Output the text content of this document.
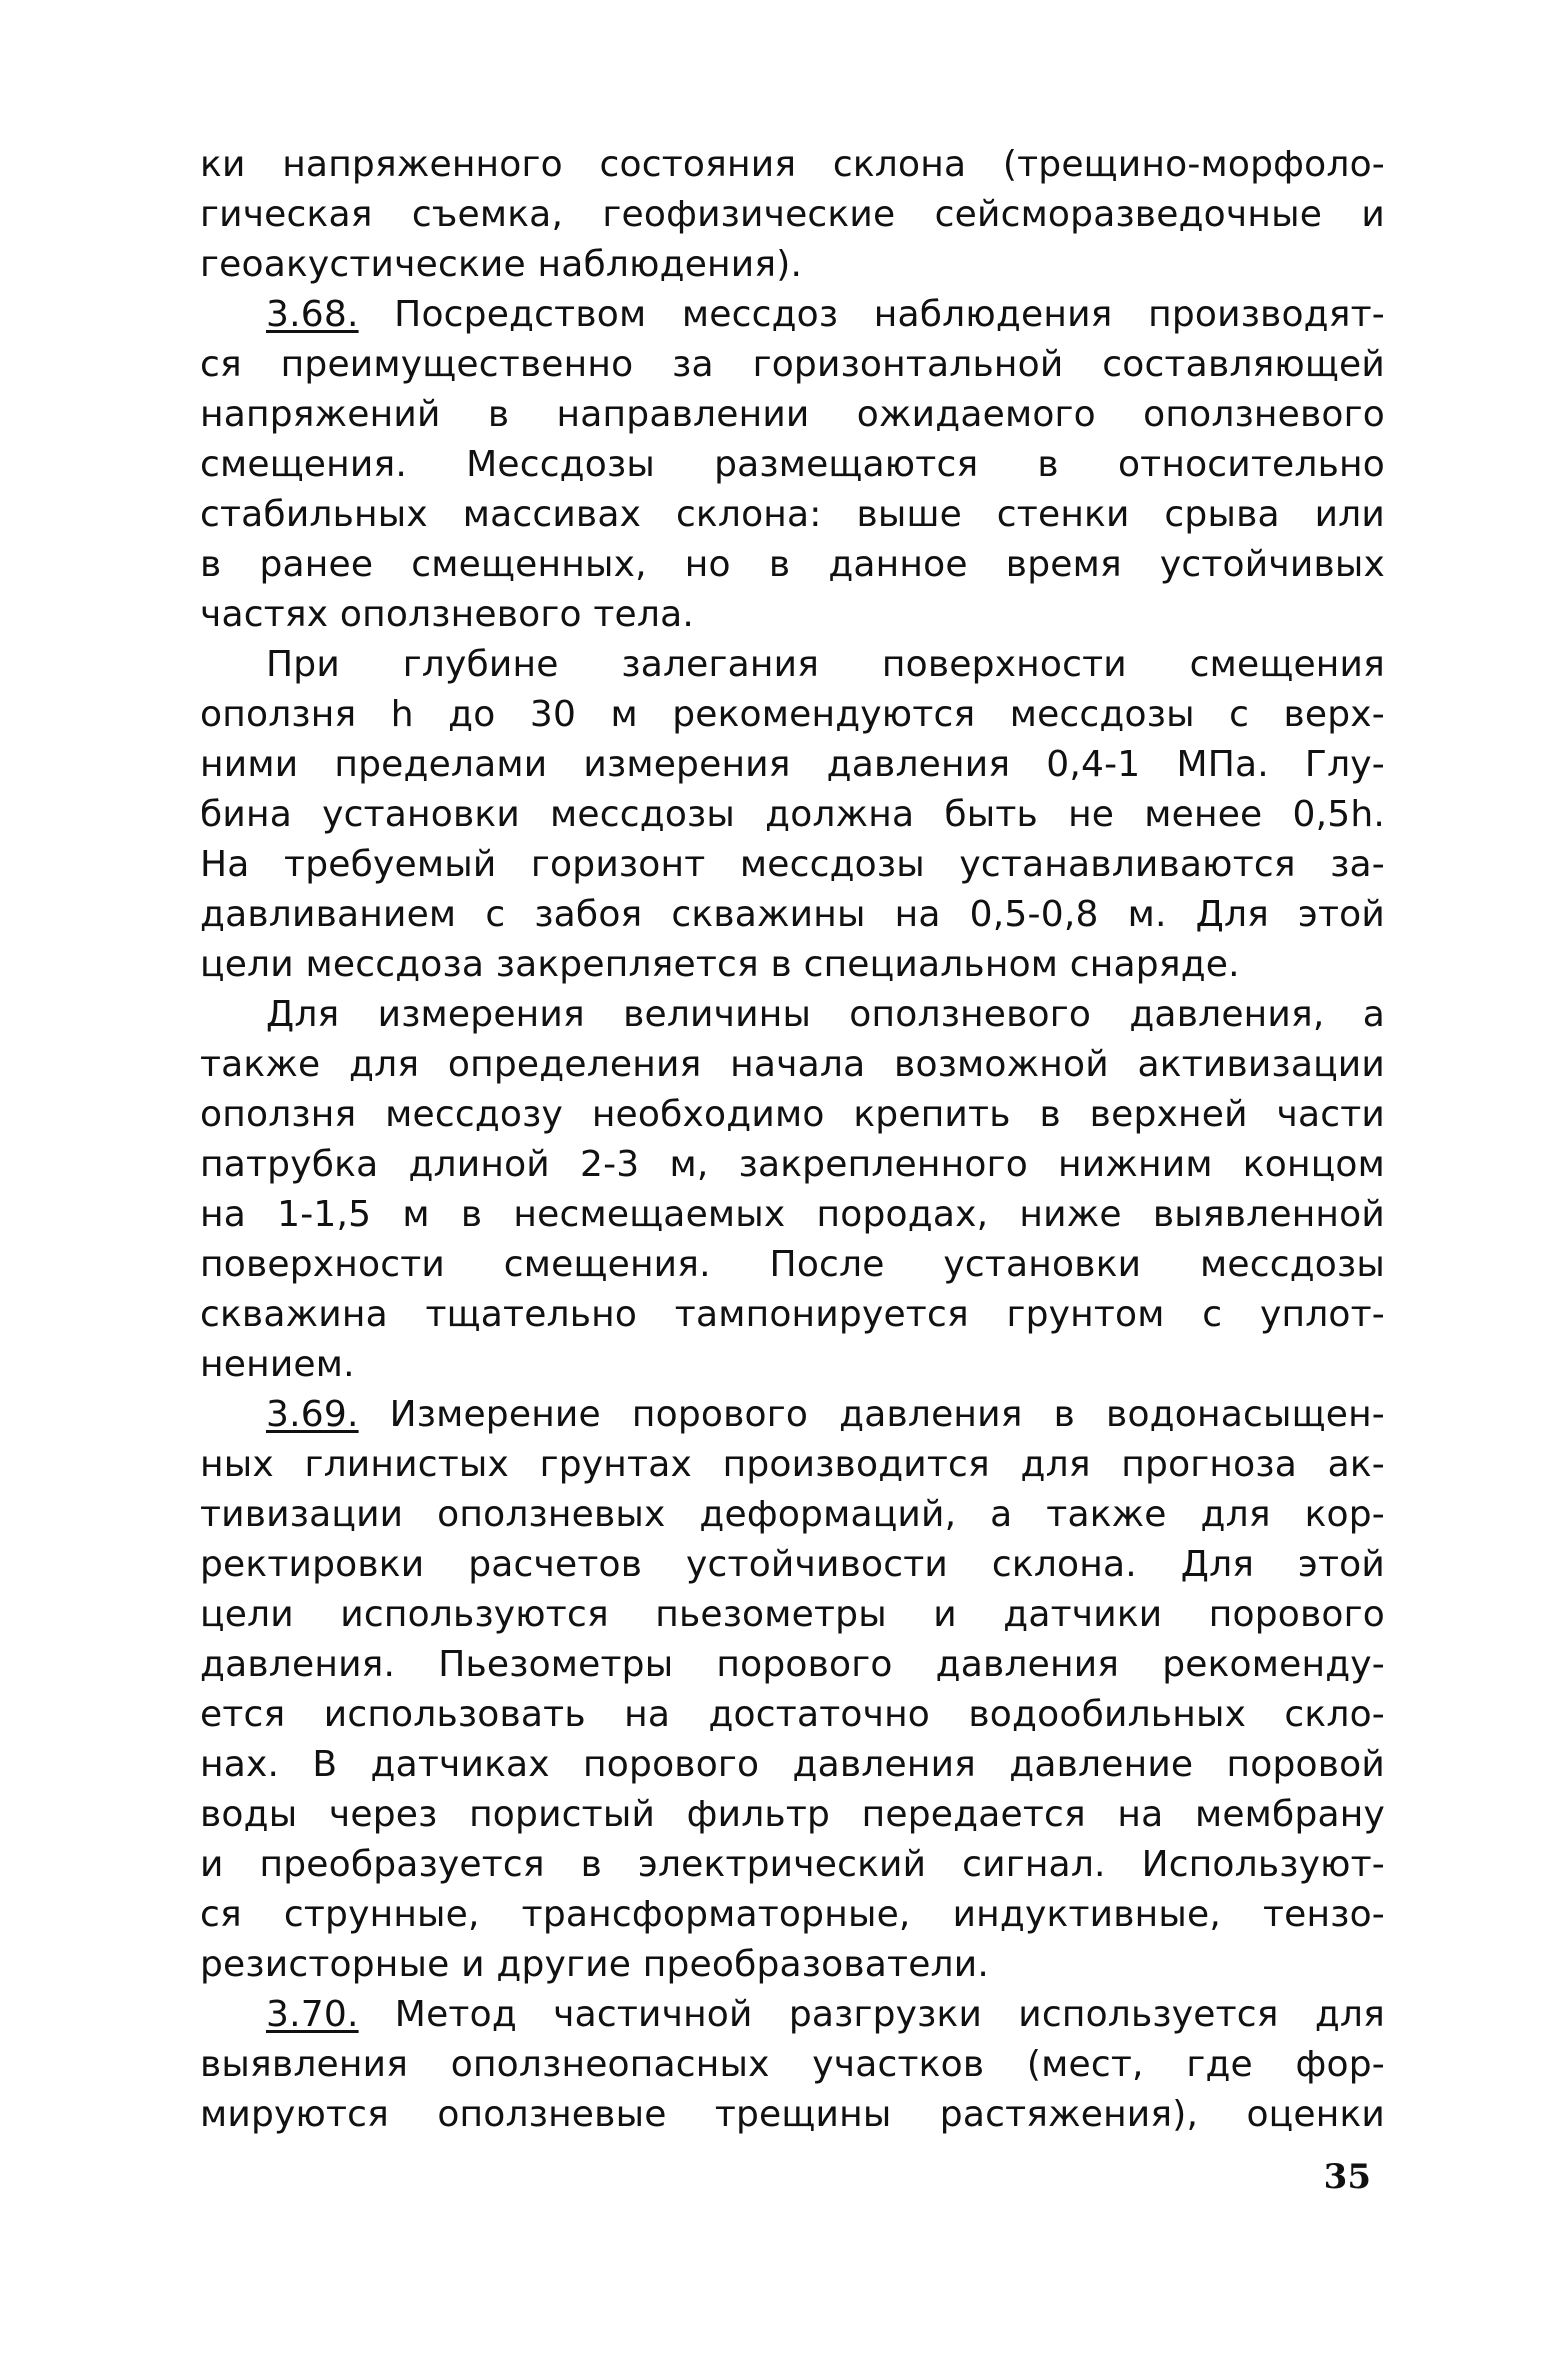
ки напряженного состояния склона (трещино-морфоло-
гическая съемка, геофизические сейсморазведочные и
геоакустические наблюдения).
3.68. Посредством мессдоз наблюдения производят-
ся преимущественно за горизонтальной составляющей
напряжений в направлении ожидаемого оползневого
смещения. Мессдозы размещаются в относительно
стабильных массивах склона: выше стенки срыва или
в ранее смещенных, но в данное время устойчивых
частях оползневого тела.
При глубине залегания поверхности смещения
оползня h до 30 м рекомендуются мессдозы с верх-
ними пределами измерения давления 0,4-1 МПа. Глу-
бина установки мессдозы должна быть не менее 0,5h.
На требуемый горизонт мессдозы устанавливаются за-
давливанием с забоя скважины на 0,5-0,8 м. Для этой
цели мессдоза закрепляется в специальном снаряде.
Для измерения величины оползневого давления, а
также для определения начала возможной активизации
оползня мессдозу необходимо крепить в верхней части
патрубка длиной 2-3 м, закрепленного нижним концом
на 1-1,5 м в несмещаемых породах, ниже выявленной
поверхности смещения. После установки мессдозы
скважина тщательно тампонируется грунтом с уплот-
нением.
3.69. Измерение порового давления в водонасыщен-
ных глинистых грунтах производится для прогноза ак-
тивизации оползневых деформаций, а также для кор-
ректировки расчетов устойчивости склона. Для этой
цели используются пьезометры и датчики порового
давления. Пьезометры порового давления рекоменду-
ется использовать на достаточно водообильных скло-
нах. В датчиках порового давления давление поровой
воды через пористый фильтр передается на мембрану
и преобразуется в электрический сигнал. Используют-
ся струнные, трансформаторные, индуктивные, тензо-
резисторные и другие преобразователи.
3.70. Метод частичной разгрузки используется для
выявления оползнеопасных участков (мест, где фор-
мируются оползневые трещины растяжения), оценки
35
